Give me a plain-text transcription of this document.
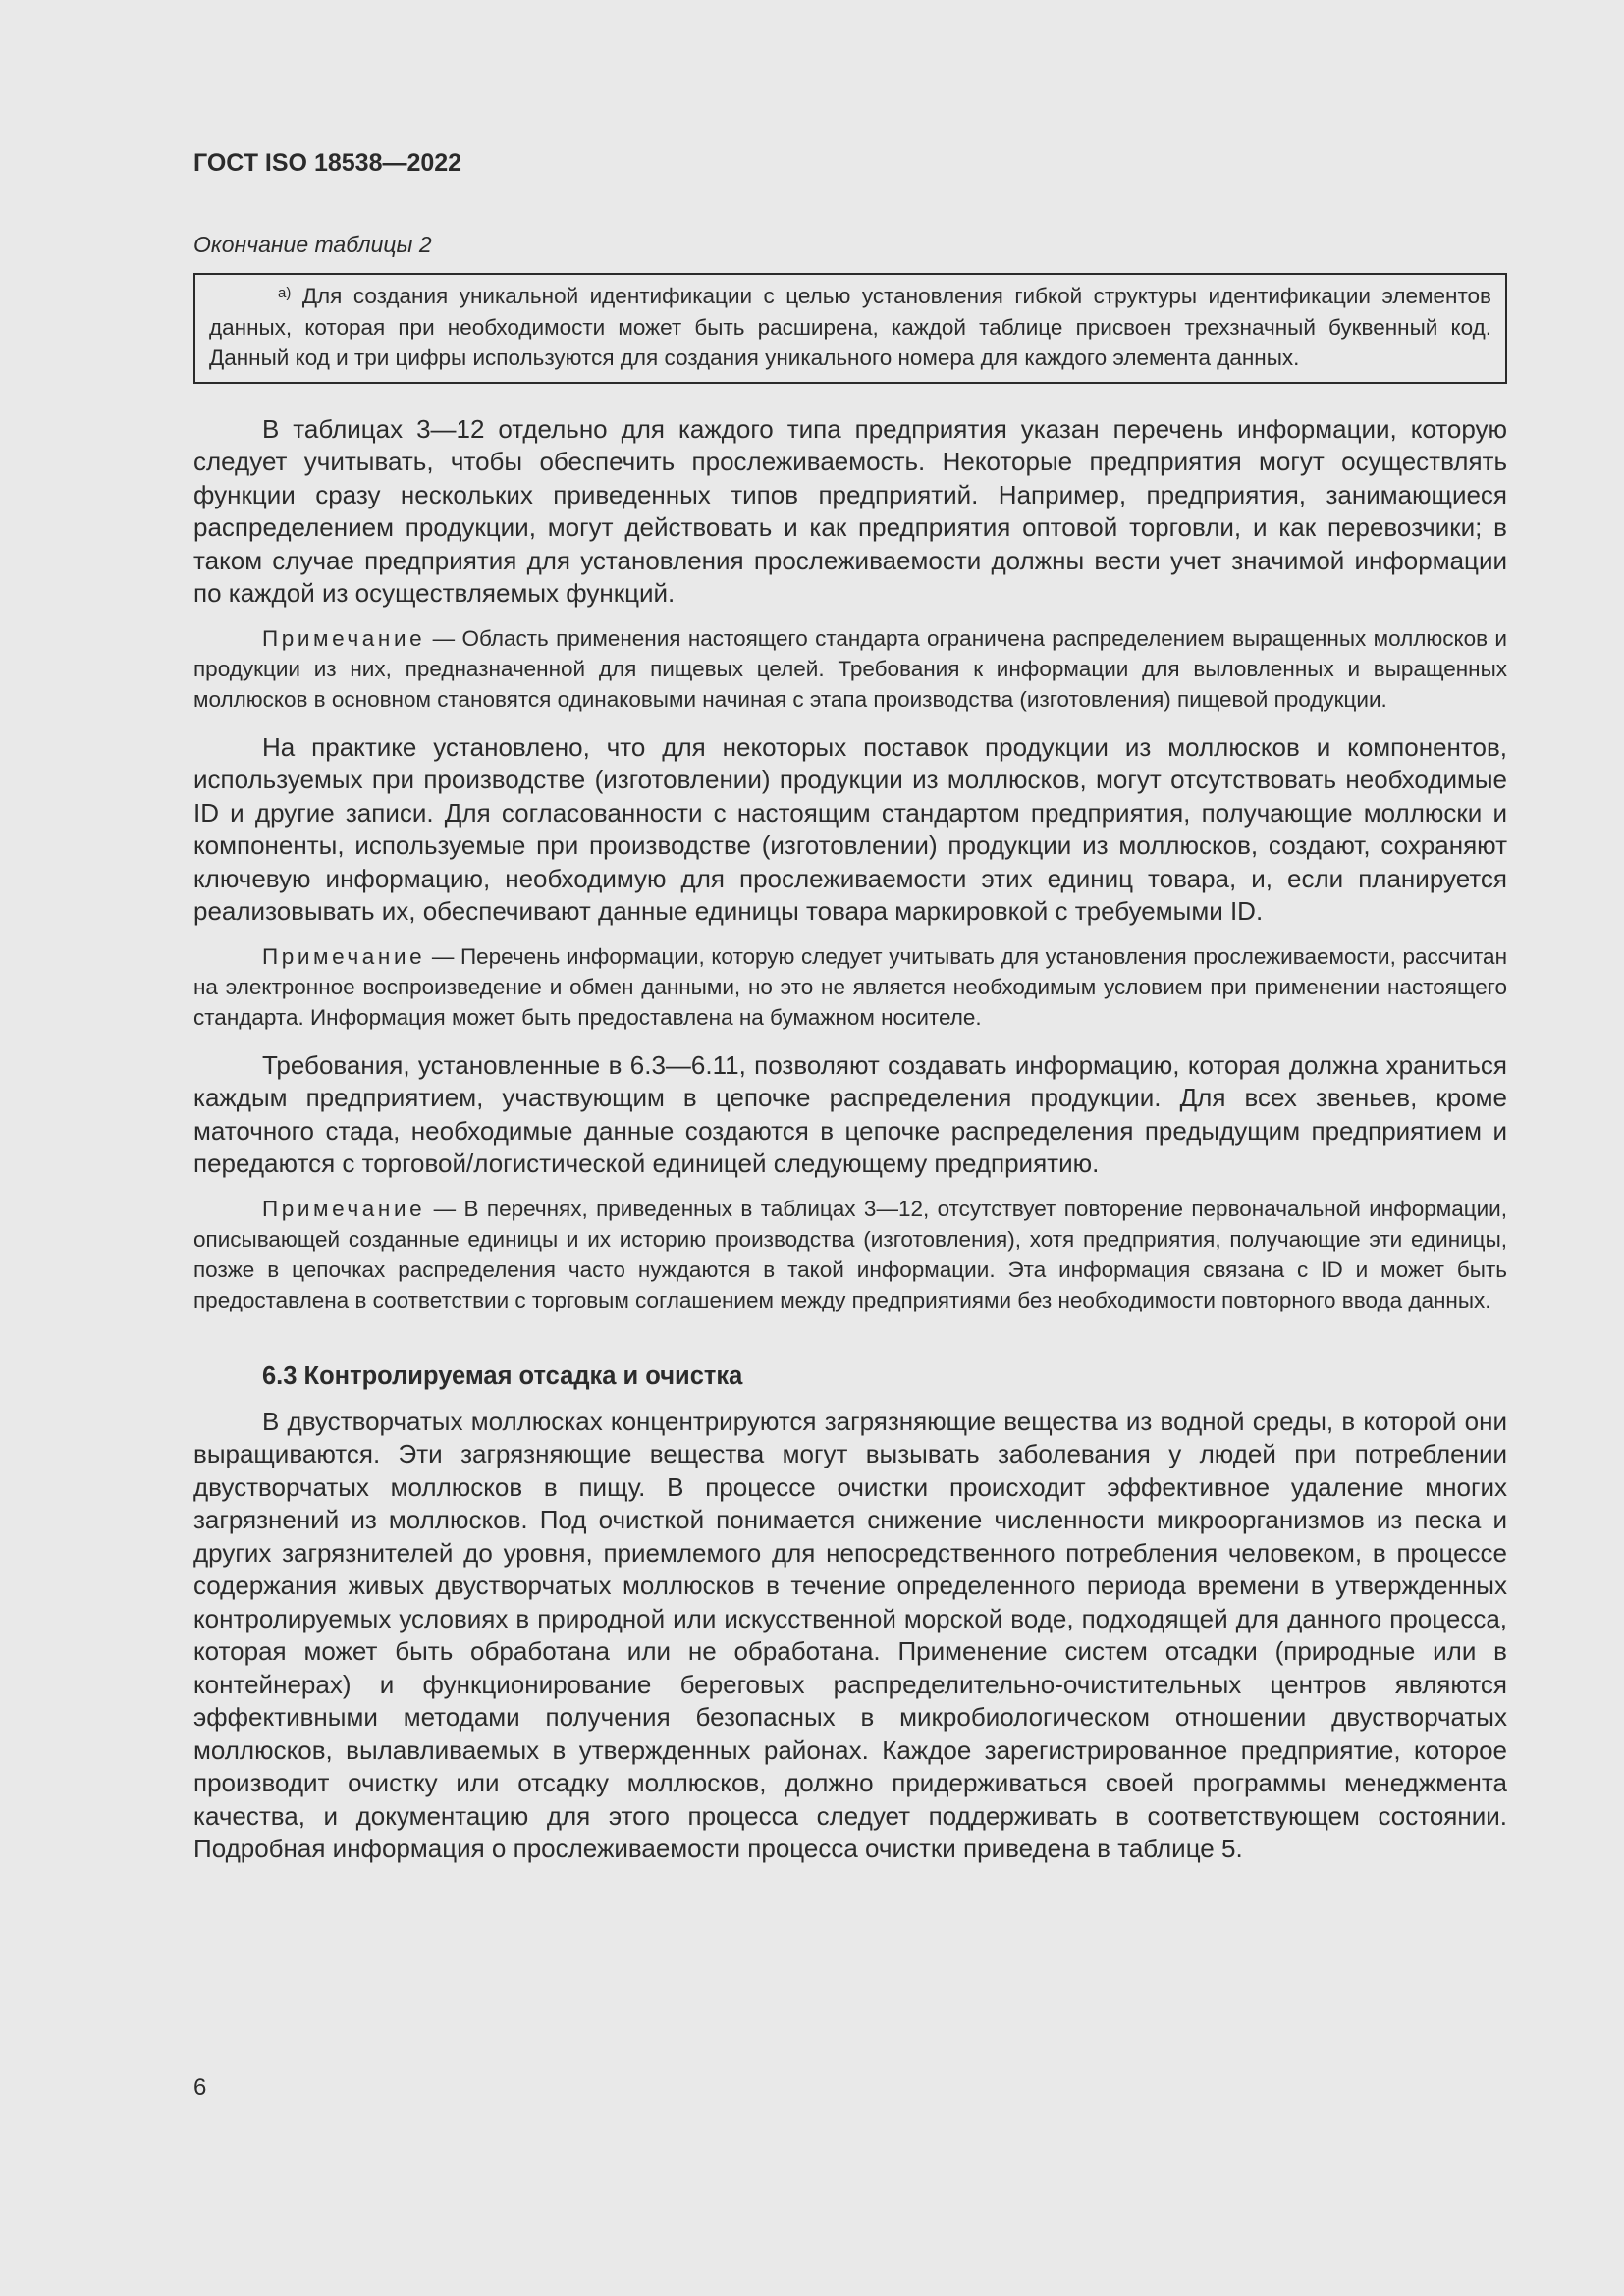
ГОСТ ISO 18538—2022
Окончание таблицы 2
$^{а)}$ Для создания уникальной идентификации с целью установления гибкой структуры идентификации элементов данных, которая при необходимости может быть расширена, каждой таблице присвоен трехзначный буквенный код. Данный код и три цифры используются для создания уникального номера для каждого элемента данных.

В таблицах 3—12 отдельно для каждого типа предприятия указан перечень информации, которую следует учитывать, чтобы обеспечить прослеживаемость. Некоторые предприятия могут осуществлять функции сразу нескольких приведенных типов предприятий. Например, предприятия, занимающиеся распределением продукции, могут действовать и как предприятия оптовой торговли, и как перевозчики; в таком случае предприятия для установления прослеживаемости должны вести учет значимой информации по каждой из осуществляемых функций.

Примечание — Область применения настоящего стандарта ограничена распределением выращенных моллюсков и продукции из них, предназначенной для пищевых целей. Требования к информации для выловленных и выращенных моллюсков в основном становятся одинаковыми начиная с этапа производства (изготовления) пищевой продукции.

На практике установлено, что для некоторых поставок продукции из моллюсков и компонентов, используемых при производстве (изготовлении) продукции из моллюсков, могут отсутствовать необходимые ID и другие записи. Для согласованности с настоящим стандартом предприятия, получающие моллюски и компоненты, используемые при производстве (изготовлении) продукции из моллюсков, создают, сохраняют ключевую информацию, необходимую для прослеживаемости этих единиц товара, и, если планируется реализовывать их, обеспечивают данные единицы товара маркировкой с требуемыми ID.

Примечание — Перечень информации, которую следует учитывать для установления прослеживаемости, рассчитан на электронное воспроизведение и обмен данными, но это не является необходимым условием при применении настоящего стандарта. Информация может быть предоставлена на бумажном носителе.

Требования, установленные в 6.3—6.11, позволяют создавать информацию, которая должна храниться каждым предприятием, участвующим в цепочке распределения продукции. Для всех звеньев, кроме маточного стада, необходимые данные создаются в цепочке распределения предыдущим предприятием и передаются с торговой/логистической единицей следующему предприятию.

Примечание — В перечнях, приведенных в таблицах 3—12, отсутствует повторение первоначальной информации, описывающей созданные единицы и их историю производства (изготовления), хотя предприятия, получающие эти единицы, позже в цепочках распределения часто нуждаются в такой информации. Эта информация связана с ID и может быть предоставлена в соответствии с торговым соглашением между предприятиями без необходимости повторного ввода данных.

6.3 Контролируемая отсадка и очистка

В двустворчатых моллюсках концентрируются загрязняющие вещества из водной среды, в которой они выращиваются. Эти загрязняющие вещества могут вызывать заболевания у людей при потреблении двустворчатых моллюсков в пищу. В процессе очистки происходит эффективное удаление многих загрязнений из моллюсков. Под очисткой понимается снижение численности микроорганизмов из песка и других загрязнителей до уровня, приемлемого для непосредственного потребления человеком, в процессе содержания живых двустворчатых моллюсков в течение определенного периода времени в утвержденных контролируемых условиях в природной или искусственной морской воде, подходящей для данного процесса, которая может быть обработана или не обработана. Применение систем отсадки (природные или в контейнерах) и функционирование береговых распределительно-очистительных центров являются эффективными методами получения безопасных в микробиологическом отношении двустворчатых моллюсков, вылавливаемых в утвержденных районах. Каждое зарегистрированное предприятие, которое производит очистку или отсадку моллюсков, должно придерживаться своей программы менеджмента качества, и документацию для этого процесса следует поддерживать в соответствующем состоянии. Подробная информация о прослеживаемости процесса очистки приведена в таблице 5.

6
